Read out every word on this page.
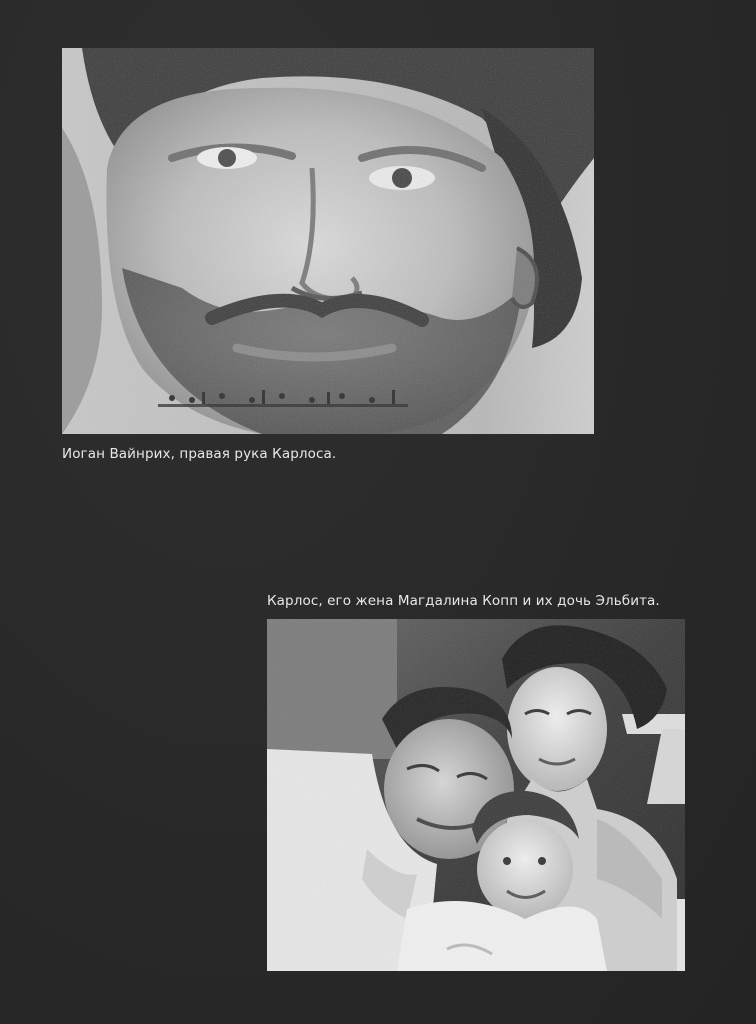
Иоган Вайнрих, правая рука Карлоса.
Карлос, его жена Магдалина Копп и их дочь Эльбита.
